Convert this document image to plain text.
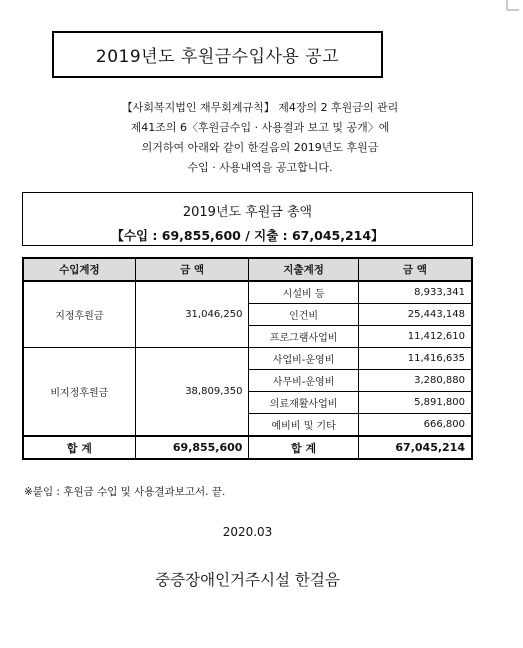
2019년도 후원금수입사용 공고
【사회복지법인 재무회계규칙】 제4장의 2 후원금의 관리
제41조의 6〈후원금수입 · 사용결과 보고 및 공개〉에
의거하여 아래와 같이 한걸음의 2019년도 후원금
수입 · 사용내역을 공고합니다.
2019년도 후원금 총액
【수입 : 69,855,600 / 지출 : 67,045,214】
수입계정	금 액	지출계정	금 액
지정후원금	31,046,250	시설비 등	8,933,341
		인건비	25,443,148
		프로그램사업비	11,412,610
비지정후원금	38,809,350	사업비-운영비	11,416,635
		사무비-운영비	3,280,880
		의료재활사업비	5,891,800
		예비비 및 기타	666,800
합 계	69,855,600	합 계	67,045,214
※붙임 : 후원금 수입 및 사용결과보고서. 끝.
2020.03
중증장애인거주시설 한걸음
